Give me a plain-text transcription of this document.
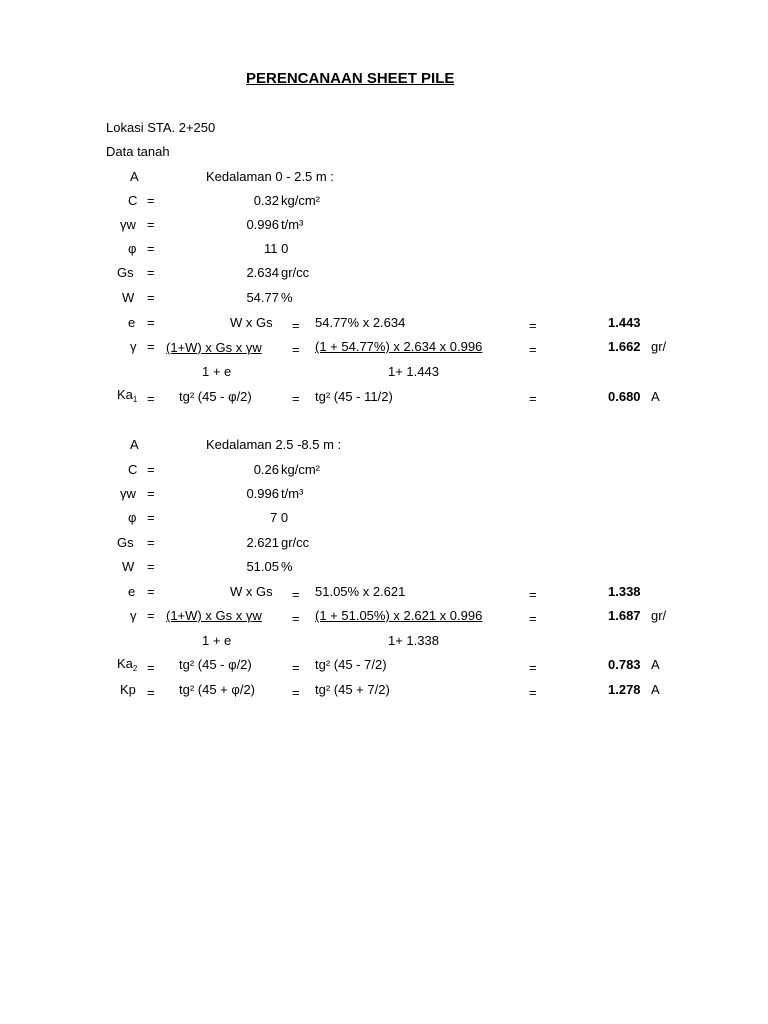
PERENCANAAN SHEET PILE
Lokasi STA. 2+250
Data tanah
A	Kedalaman 0 - 2.5 m :
C =	0.32 kg/cm²
γw =	0.996 t/m³
φ =	11 0
Gs =	2.634 gr/cc
W =	54.77 %
e =	W x Gs = 54.77% x 2.634	=	1.443
γ = (1+W) x Gs x γw = (1 + 54.77%) x 2.634 x 0.996	=	1.662 gr/
1 + e	1+ 1.443
$Ka_1 = tg^2$ (45 - φ/2)	= tg² (45 - 11/2)	=	0.680 A
A	Kedalaman 2.5 -8.5 m :
C =	0.26 kg/cm²
γw =	0.996 t/m³
φ =	7 0
Gs =	2.621 gr/cc
W =	51.05 %
e =	W x Gs = 51.05% x 2.621	=	1.338
γ = (1+W) x Gs x γw = (1 + 51.05%) x 2.621 x 0.996	=	1.687 gr/
1 + e	1+ 1.338
$Ka_2 = tg^2$ (45 - φ/2)	= tg² (45 - 7/2)	=	0.783 A
Kp = tg² (45 + φ/2)	= tg² (45 + 7/2)	=	1.278 A
